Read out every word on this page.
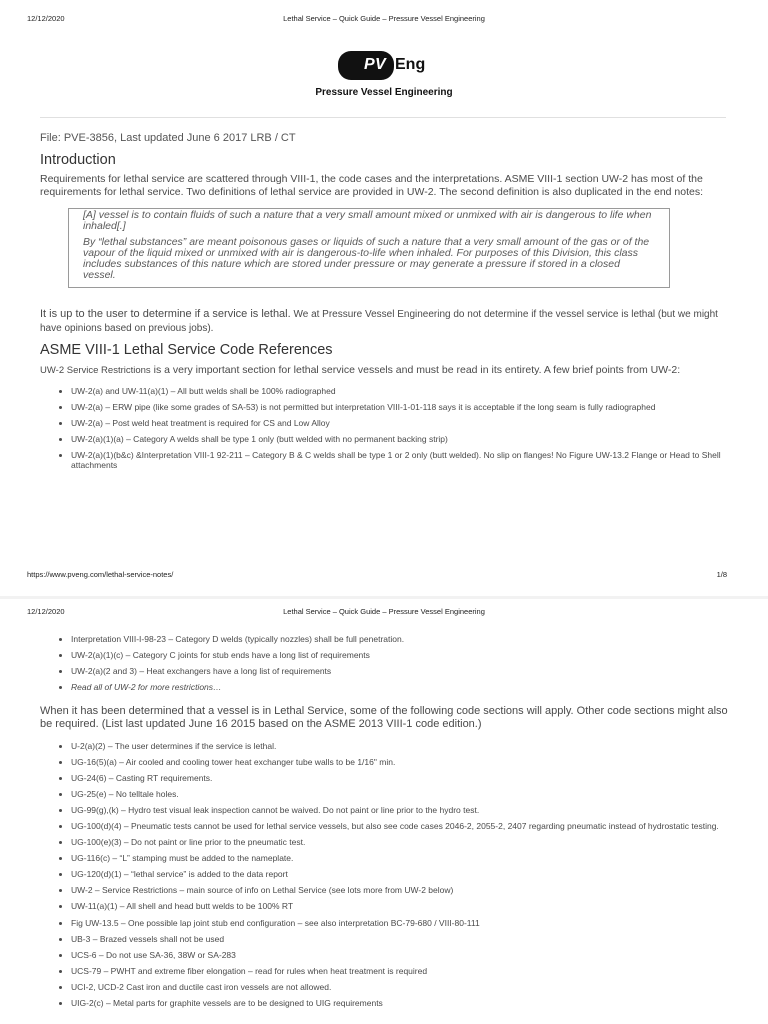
12/12/2020	Lethal Service – Quick Guide – Pressure Vessel Engineering
PV Eng
Pressure Vessel Engineering

File: PVE-3856, Last updated June 6 2017 LRB / CT

Introduction

Requirements for lethal service are scattered through VIII-1, the code cases and the interpretations. ASME VIII-1 section UW-2 has most of the requirements for lethal service. Two definitions of lethal service are provided in UW-2. The second definition is also duplicated in the end notes:

[A] vessel is to contain fluids of such a nature that a very small amount mixed or unmixed with air is dangerous to life when inhaled[.]

By “lethal substances” are meant poisonous gases or liquids of such a nature that a very small amount of the gas or of the vapour of the liquid mixed or unmixed with air is dangerous-to-life when inhaled. For purposes of this Division, this class includes substances of this nature which are stored under pressure or may generate a pressure if stored in a closed vessel.

It is up to the user to determine if a service is lethal. We at Pressure Vessel Engineering do not determine if the vessel service is lethal (but we might have opinions based on previous jobs).

ASME VIII-1 Lethal Service Code References

UW-2 Service Restrictions is a very important section for lethal service vessels and must be read in its entirety. A few brief points from UW-2:

• UW-2(a) and UW-11(a)(1) – All butt welds shall be 100% radiographed
• UW-2(a) – ERW pipe (like some grades of SA-53) is not permitted but interpretation VIII-1-01-118 says it is acceptable if the long seam is fully radiographed
• UW-2(a) – Post weld heat treatment is required for CS and Low Alloy
• UW-2(a)(1)(a) – Category A welds shall be type 1 only (butt welded with no permanent backing strip)
• UW-2(a)(1)(b&c) &Interpretation VIII-1 92-211 – Category B & C welds shall be type 1 or 2 only (butt welded). No slip on flanges! No Figure UW-13.2 Flange or Head to Shell attachments
https://www.pveng.com/lethal-service-notes/	1/8
12/12/2020	Lethal Service – Quick Guide – Pressure Vessel Engineering
• Interpretation VIII-I-98-23 – Category D welds (typically nozzles) shall be full penetration.
• UW-2(a)(1)(c) – Category C joints for stub ends have a long list of requirements
• UW-2(a)(2 and 3) – Heat exchangers have a long list of requirements
• Read all of UW-2 for more restrictions…

When it has been determined that a vessel is in Lethal Service, some of the following code sections will apply. Other code sections might also be required. (List last updated June 16 2015 based on the ASME 2013 VIII-1 code edition.)

• U-2(a)(2) – The user determines if the service is lethal.
• UG-16(5)(a) – Air cooled and cooling tower heat exchanger tube walls to be 1/16" min.
• UG-24(6) – Casting RT requirements.
• UG-25(e) – No telltale holes.
• UG-99(g),(k) – Hydro test visual leak inspection cannot be waived. Do not paint or line prior to the hydro test.
• UG-100(d)(4) – Pneumatic tests cannot be used for lethal service vessels, but also see code cases 2046-2, 2055-2, 2407 regarding pneumatic instead of hydrostatic testing.
• UG-100(e)(3) – Do not paint or line prior to the pneumatic test.
• UG-116(c) – “L” stamping must be added to the nameplate.
• UG-120(d)(1) – “lethal service” is added to the data report
• UW-2 – Service Restrictions – main source of info on Lethal Service (see lots more from UW-2 below)
• UW-11(a)(1) – All shell and head butt welds to be 100% RT
• Fig UW-13.5 – One possible lap joint stub end configuration – see also interpretation BC-79-680 / VIII-80-111
• UB-3 – Brazed vessels shall not be used
• UCS-6 – Do not use SA-36, 38W or SA-283
• UCS-79 – PWHT and extreme fiber elongation – read for rules when heat treatment is required
• UCI-2, UCD-2 Cast iron and ductile cast iron vessels are not allowed.
• UIG-2(c) – Metal parts for graphite vessels are to be designed to UIG requirements
